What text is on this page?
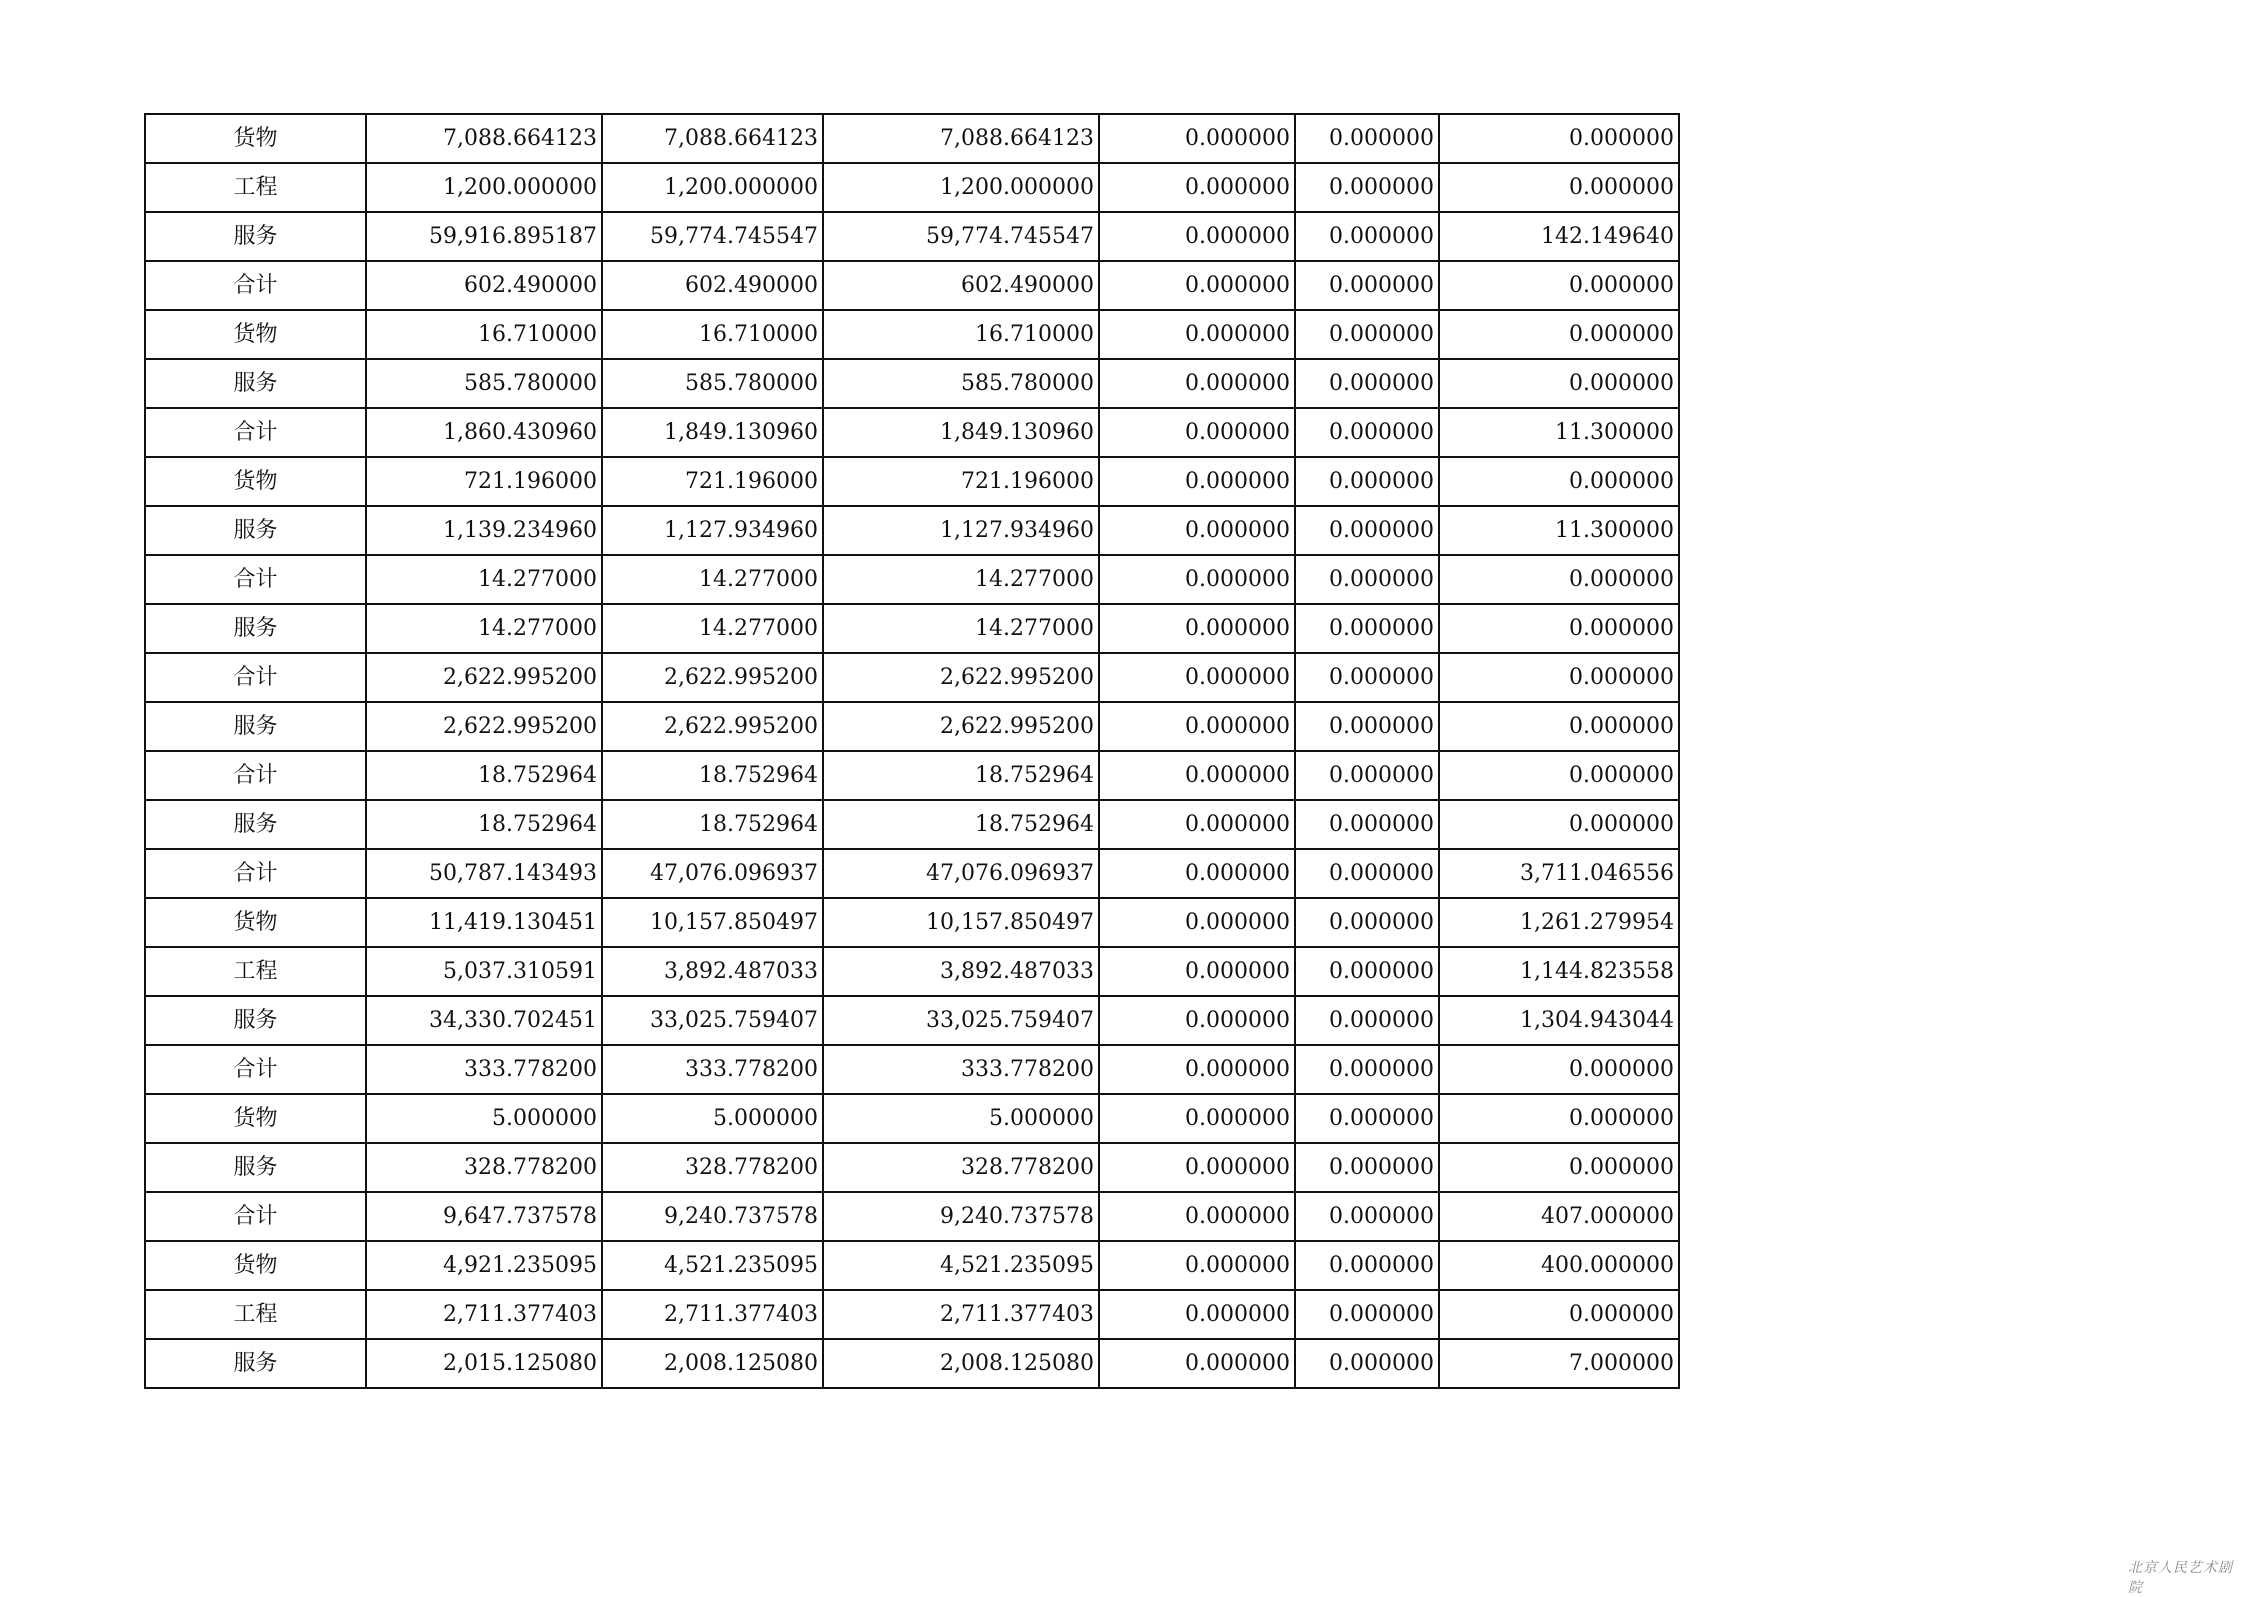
货物	7,088.664123	7,088.664123	7,088.664123	0.000000	0.000000	0.000000
工程	1,200.000000	1,200.000000	1,200.000000	0.000000	0.000000	0.000000
服务	59,916.895187	59,774.745547	59,774.745547	0.000000	0.000000	142.149640
合计	602.490000	602.490000	602.490000	0.000000	0.000000	0.000000
货物	16.710000	16.710000	16.710000	0.000000	0.000000	0.000000
服务	585.780000	585.780000	585.780000	0.000000	0.000000	0.000000
合计	1,860.430960	1,849.130960	1,849.130960	0.000000	0.000000	11.300000
货物	721.196000	721.196000	721.196000	0.000000	0.000000	0.000000
服务	1,139.234960	1,127.934960	1,127.934960	0.000000	0.000000	11.300000
合计	14.277000	14.277000	14.277000	0.000000	0.000000	0.000000
服务	14.277000	14.277000	14.277000	0.000000	0.000000	0.000000
合计	2,622.995200	2,622.995200	2,622.995200	0.000000	0.000000	0.000000
服务	2,622.995200	2,622.995200	2,622.995200	0.000000	0.000000	0.000000
合计	18.752964	18.752964	18.752964	0.000000	0.000000	0.000000
服务	18.752964	18.752964	18.752964	0.000000	0.000000	0.000000
合计	50,787.143493	47,076.096937	47,076.096937	0.000000	0.000000	3,711.046556
货物	11,419.130451	10,157.850497	10,157.850497	0.000000	0.000000	1,261.279954
工程	5,037.310591	3,892.487033	3,892.487033	0.000000	0.000000	1,144.823558
服务	34,330.702451	33,025.759407	33,025.759407	0.000000	0.000000	1,304.943044
合计	333.778200	333.778200	333.778200	0.000000	0.000000	0.000000
货物	5.000000	5.000000	5.000000	0.000000	0.000000	0.000000
服务	328.778200	328.778200	328.778200	0.000000	0.000000	0.000000
合计	9,647.737578	9,240.737578	9,240.737578	0.000000	0.000000	407.000000
货物	4,921.235095	4,521.235095	4,521.235095	0.000000	0.000000	400.000000
工程	2,711.377403	2,711.377403	2,711.377403	0.000000	0.000000	0.000000
服务	2,015.125080	2,008.125080	2,008.125080	0.000000	0.000000	7.000000
北京人民艺术剧院
